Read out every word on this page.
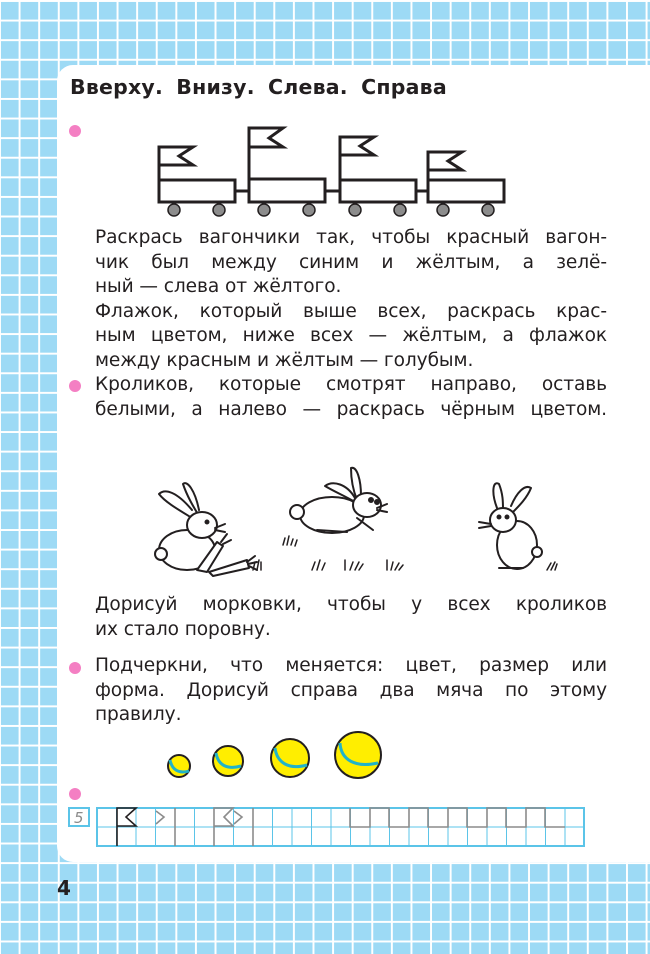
Вверху. Внизу. Слева. Справа
Раскрась вагончики так, чтобы красный вагон-
чик был между синим и жёлтым, а зелё-
ный — слева от жёлтого.
Флажок, который выше всех, раскрась крас-
ным цветом, ниже всех — жёлтым, а флажок
между красным и жёлтым — голубым.
Кроликов, которые смотрят направо, оставь
белыми, а налево — раскрась чёрным цветом.
Дорисуй морковки, чтобы у всех кроликов
их стало поровну.
Подчеркни, что меняется: цвет, размер или
форма. Дорисуй справа два мяча по этому
правилу.
5
4
